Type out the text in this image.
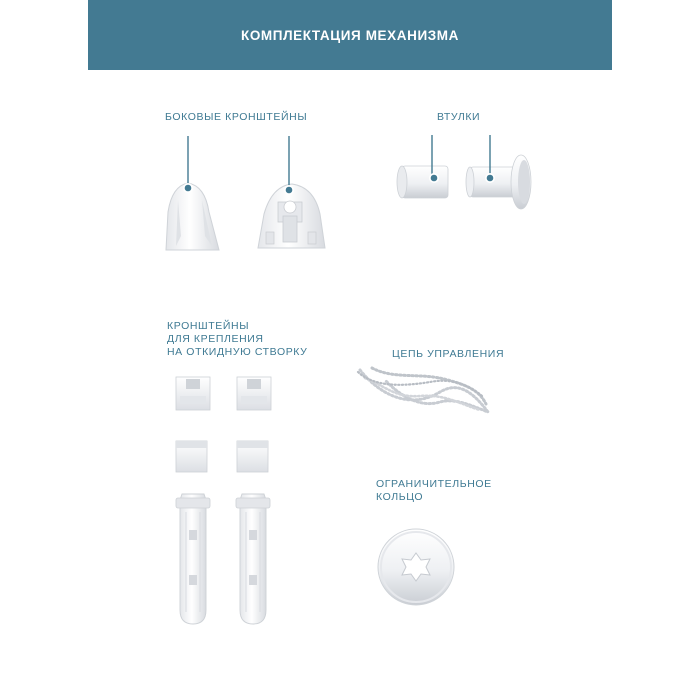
КОМПЛЕКТАЦИЯ МЕХАНИЗМА
БОКОВЫЕ КРОНШТЕЙНЫ	ВТУЛКИ
КРОНШТЕЙНЫ
ДЛЯ КРЕПЛЕНИЯ
НА ОТКИДНУЮ СТВОРКУ	ЦЕПЬ УПРАВЛЕНИЯ
ОГРАНИЧИТЕЛЬНОЕ
КОЛЬЦО
